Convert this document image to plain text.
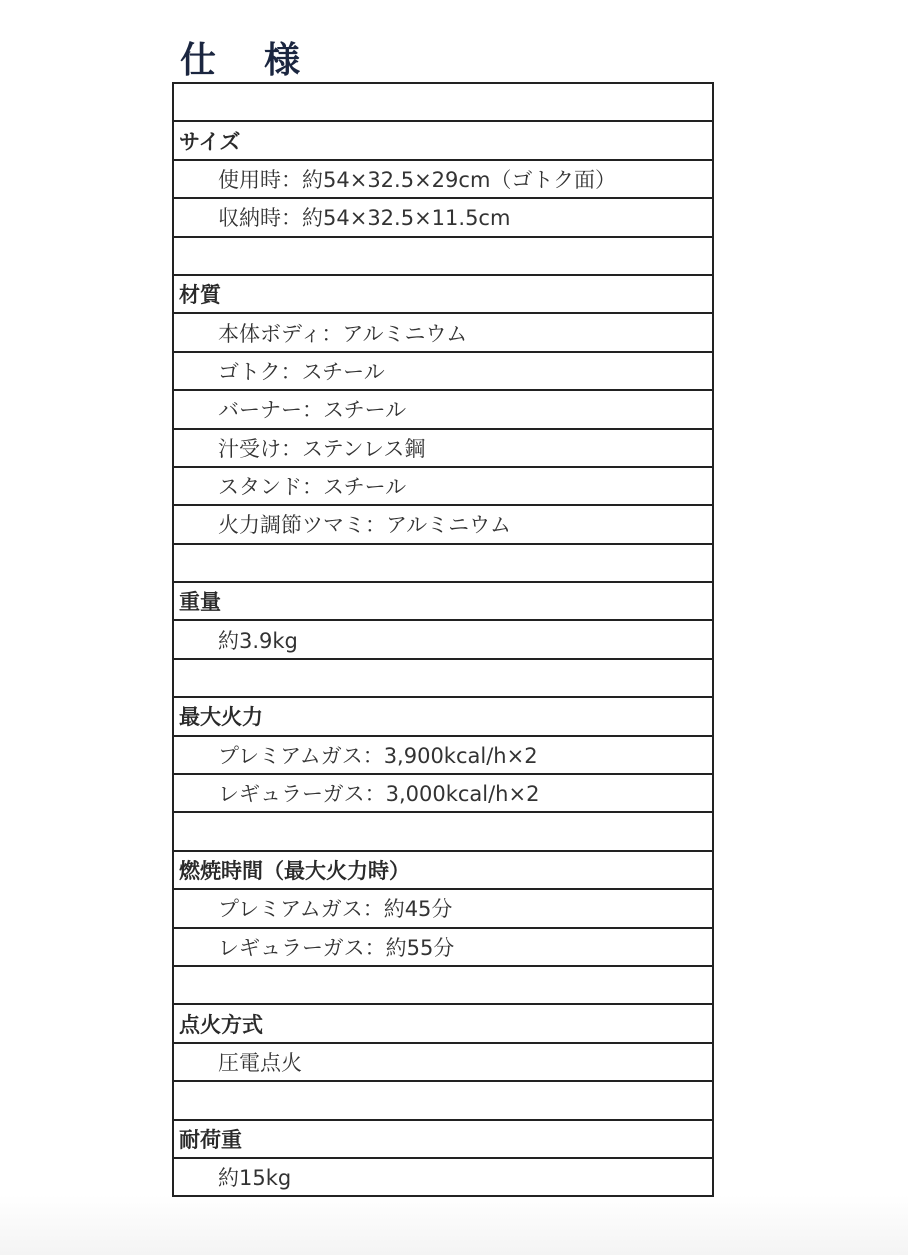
仕様
サイズ
使用時：約54×32.5×29cm（ゴトク面）
収納時：約54×32.5×11.5cm
材質
本体ボディ：アルミニウム
ゴトク：スチール
バーナー：スチール
汁受け：ステンレス鋼
スタンド：スチール
火力調節ツマミ：アルミニウム
重量
約3.9kg
最大火力
プレミアムガス：3,900kcal/h×2
レギュラーガス：3,000kcal/h×2
燃焼時間（最大火力時）
プレミアムガス：約45分
レギュラーガス：約55分
点火方式
圧電点火
耐荷重
約15kg
